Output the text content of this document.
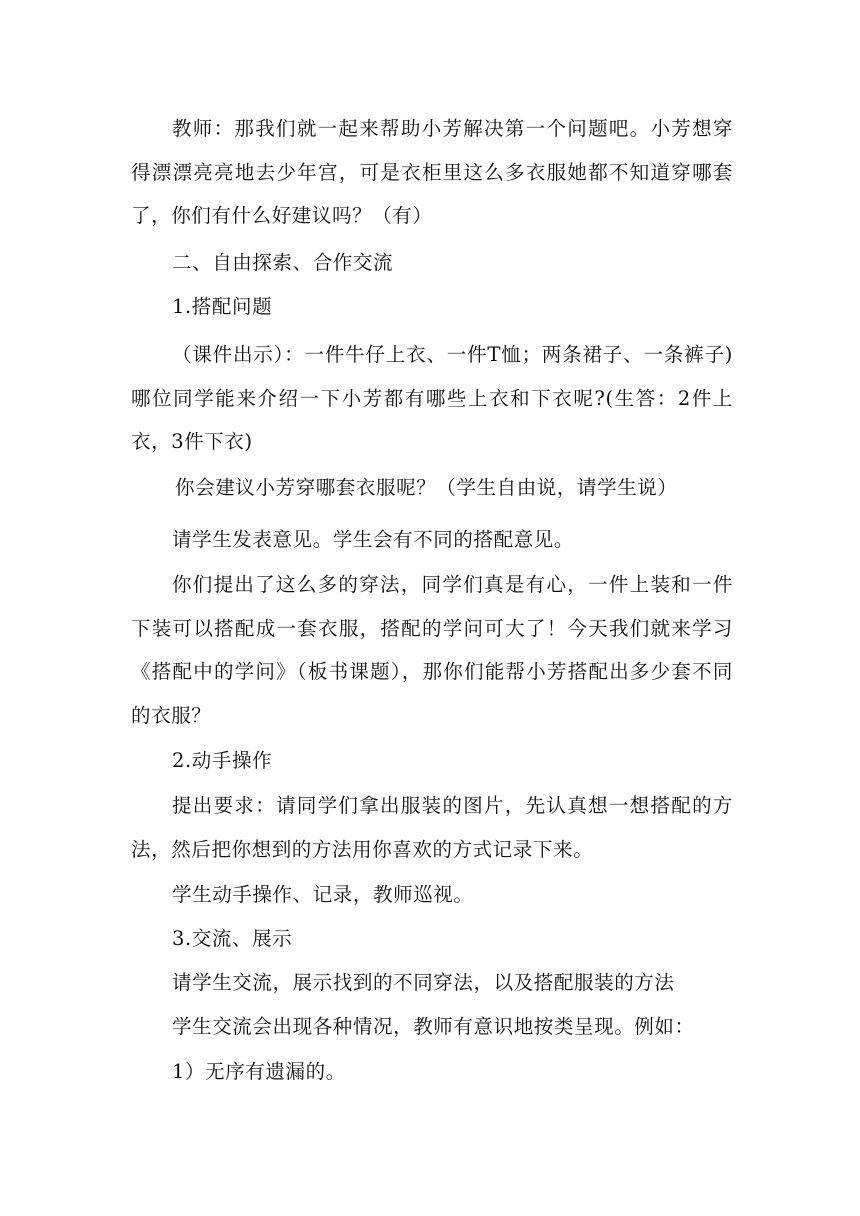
教师：那我们就一起来帮助小芳解决第一个问题吧。小芳想穿得漂漂亮亮地去少年宫，可是衣柜里这么多衣服她都不知道穿哪套了，你们有什么好建议吗？（有）

二、自由探索、合作交流

1.搭配问题

（课件出示）：一件牛仔上衣、一件T恤；两条裙子、一条裤子) 哪位同学能来介绍一下小芳都有哪些上衣和下衣呢?(生答：2件上衣，3件下衣)

你会建议小芳穿哪套衣服呢？（学生自由说，请学生说）

请学生发表意见。学生会有不同的搭配意见。

你们提出了这么多的穿法，同学们真是有心，一件上装和一件下装可以搭配成一套衣服，搭配的学问可大了！今天我们就来学习《搭配中的学问》（板书课题），那你们能帮小芳搭配出多少套不同的衣服？

2.动手操作

提出要求：请同学们拿出服装的图片，先认真想一想搭配的方法，然后把你想到的方法用你喜欢的方式记录下来。

学生动手操作、记录，教师巡视。

3.交流、展示

请学生交流，展示找到的不同穿法，以及搭配服装的方法

学生交流会出现各种情况，教师有意识地按类呈现。例如：

1）无序有遗漏的。
